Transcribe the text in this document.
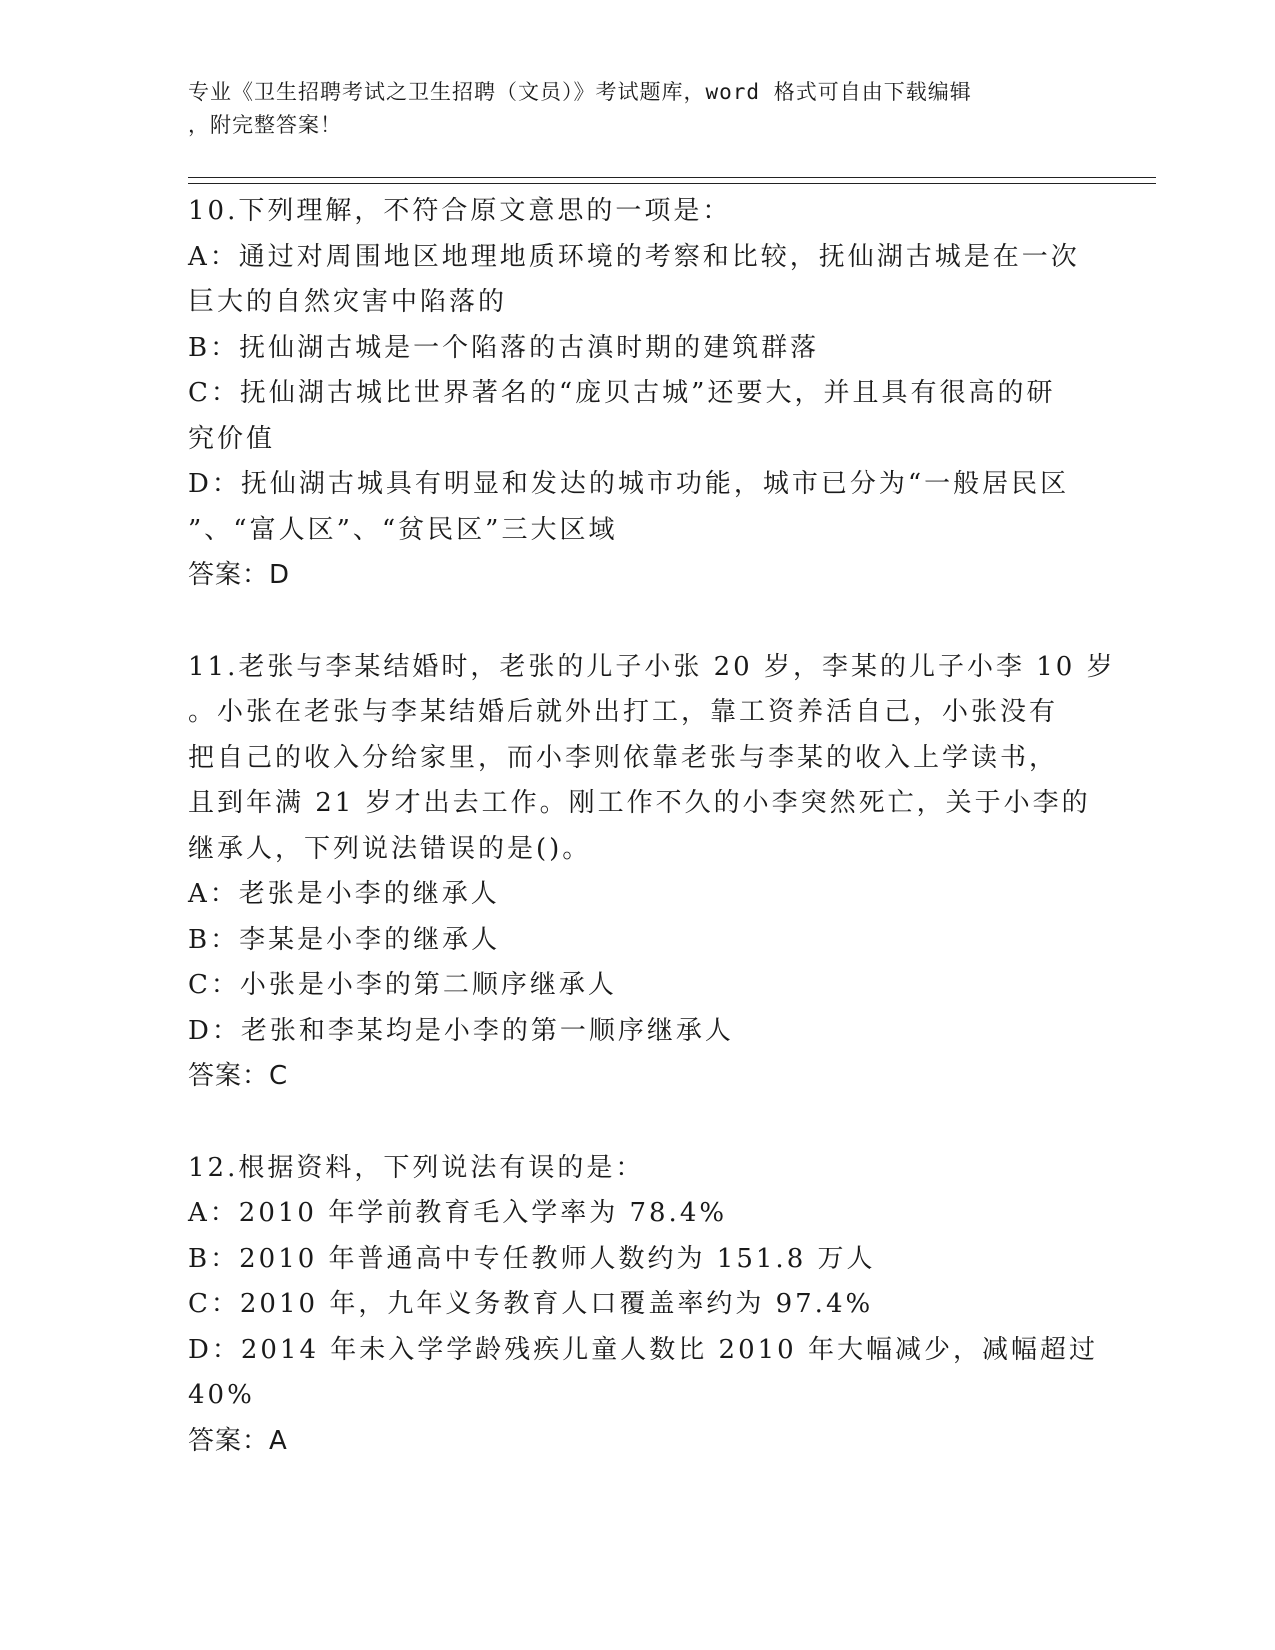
专业《卫生招聘考试之卫生招聘（文员）》考试题库，word 格式可自由下载编辑
，附完整答案！
10.下列理解，不符合原文意思的一项是：
A：通过对周围地区地理地质环境的考察和比较，抚仙湖古城是在一次
巨大的自然灾害中陷落的
B：抚仙湖古城是一个陷落的古滇时期的建筑群落
C：抚仙湖古城比世界著名的“庞贝古城”还要大，并且具有很高的研
究价值
D：抚仙湖古城具有明显和发达的城市功能，城市已分为“一般居民区
”、“富人区”、“贫民区”三大区域
答案：D
11.老张与李某结婚时，老张的儿子小张 20 岁，李某的儿子小李 10 岁
。小张在老张与李某结婚后就外出打工，靠工资养活自己，小张没有
把自己的收入分给家里，而小李则依靠老张与李某的收入上学读书，
且到年满 21 岁才出去工作。刚工作不久的小李突然死亡，关于小李的
继承人，下列说法错误的是()。
A：老张是小李的继承人
B：李某是小李的继承人
C：小张是小李的第二顺序继承人
D：老张和李某均是小李的第一顺序继承人
答案：C
12.根据资料，下列说法有误的是：
A：2010 年学前教育毛入学率为 78.4%
B：2010 年普通高中专任教师人数约为 151.8 万人
C：2010 年，九年义务教育人口覆盖率约为 97.4%
D：2014 年未入学学龄残疾儿童人数比 2010 年大幅减少，减幅超过
40%
答案：A
